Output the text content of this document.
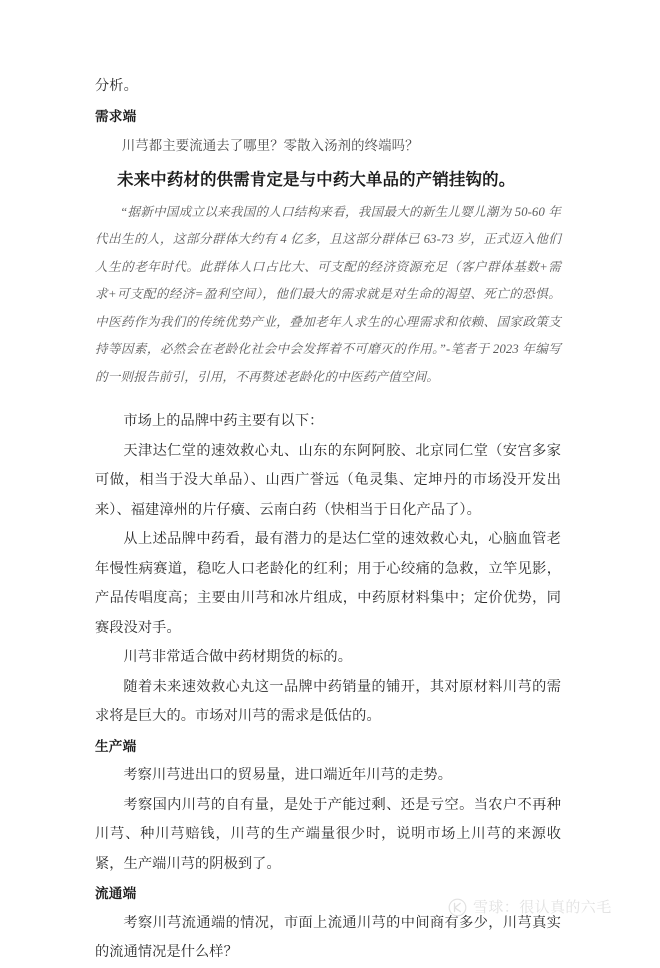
分析。

需求端

川芎都主要流通去了哪里？零散入汤剂的终端吗？

未来中药材的供需肯定是与中药大单品的产销挂钩的。

“据新中国成立以来我国的人口结构来看，我国最大的新生儿婴儿潮为 50-60 年代出生的人，这部分群体大约有 4 亿多，且这部分群体已 63-73 岁，正式迈入他们人生的老年时代。此群体人口占比大、可支配的经济资源充足（客户群体基数+需求+可支配的经济=盈利空间），他们最大的需求就是对生命的渴望、死亡的恐惧。中医药作为我们的传统优势产业，叠加老年人求生的心理需求和依赖、国家政策支持等因素，必然会在老龄化社会中会发挥着不可磨灭的作用。”-笔者于 2023 年编写的一则报告前引，引用，不再赘述老龄化的中医药产值空间。

市场上的品牌中药主要有以下：

天津达仁堂的速效救心丸、山东的东阿阿胶、北京同仁堂（安宫多家可做，相当于没大单品）、山西广誉远（龟灵集、定坤丹的市场没开发出来）、福建漳州的片仔癀、云南白药（快相当于日化产品了）。

从上述品牌中药看，最有潜力的是达仁堂的速效救心丸，心脑血管老年慢性病赛道，稳吃人口老龄化的红利；用于心绞痛的急救，立竿见影，产品传唱度高；主要由川芎和冰片组成，中药原材料集中；定价优势，同赛段没对手。

川芎非常适合做中药材期货的标的。

随着未来速效救心丸这一品牌中药销量的铺开，其对原材料川芎的需求将是巨大的。市场对川芎的需求是低估的。

生产端

考察川芎进出口的贸易量，进口端近年川芎的走势。

考察国内川芎的自有量，是处于产能过剩、还是亏空。当农户不再种川芎、种川芎赔钱，川芎的生产端量很少时，说明市场上川芎的来源收紧，生产端川芎的阴极到了。

流通端

考察川芎流通端的情况，市面上流通川芎的中间商有多少，川芎真实的流通情况是什么样？

雪球：很认真的六毛
